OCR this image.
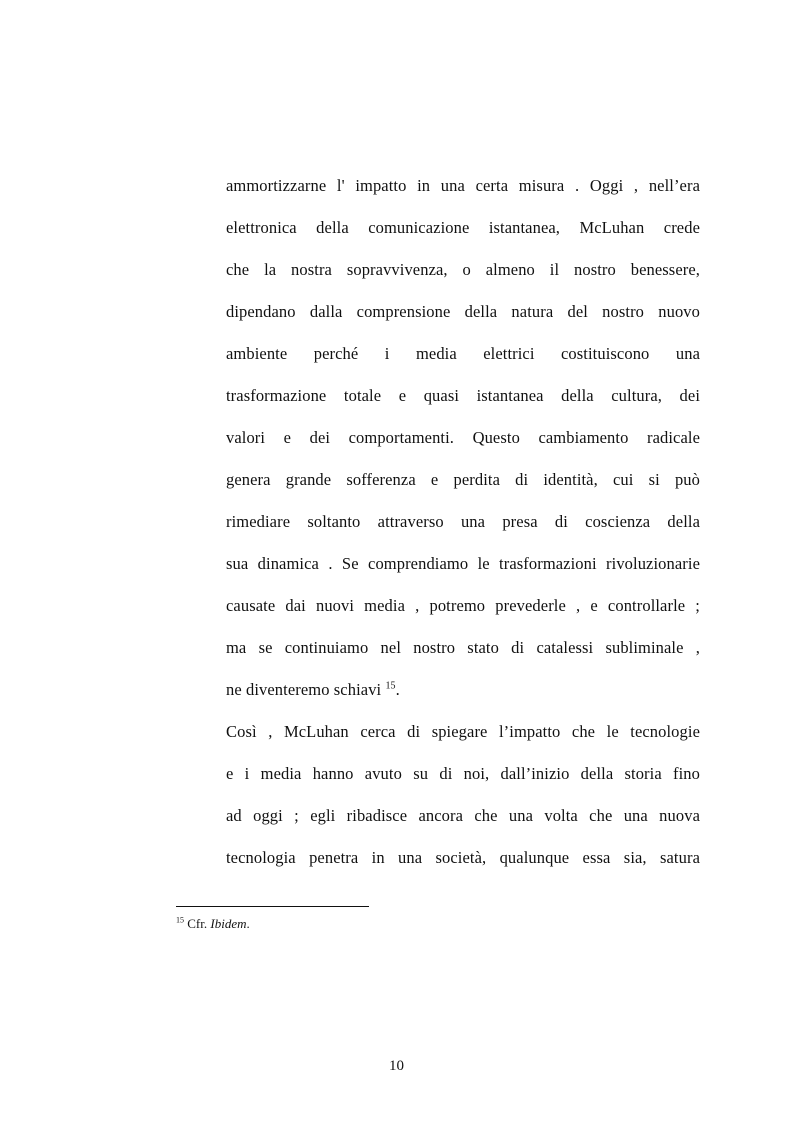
ammortizzarne l' impatto in una certa misura . Oggi , nell’era
elettronica della comunicazione istantanea, McLuhan crede
che la nostra sopravvivenza, o almeno il nostro benessere,
dipendano dalla comprensione della natura del nostro nuovo
ambiente perché i media elettrici costituiscono una
trasformazione totale e quasi istantanea della cultura, dei
valori e dei comportamenti. Questo cambiamento radicale
genera grande sofferenza e perdita di identità, cui si può
rimediare soltanto attraverso una presa di coscienza della
sua dinamica . Se comprendiamo le trasformazioni rivoluzionarie
causate dai nuovi media , potremo prevederle , e controllarle ;
ma se continuiamo nel nostro stato di catalessi subliminale ,
ne diventeremo schiavi $^{15}$.
Così , McLuhan cerca di spiegare l’impatto che le tecnologie
e i media hanno avuto su di noi, dall’inizio della storia fino
ad oggi ; egli ribadisce ancora che una volta che una nuova
tecnologia penetra in una società, qualunque essa sia, satura
$^{15}$ Cfr. Ibidem.
10
